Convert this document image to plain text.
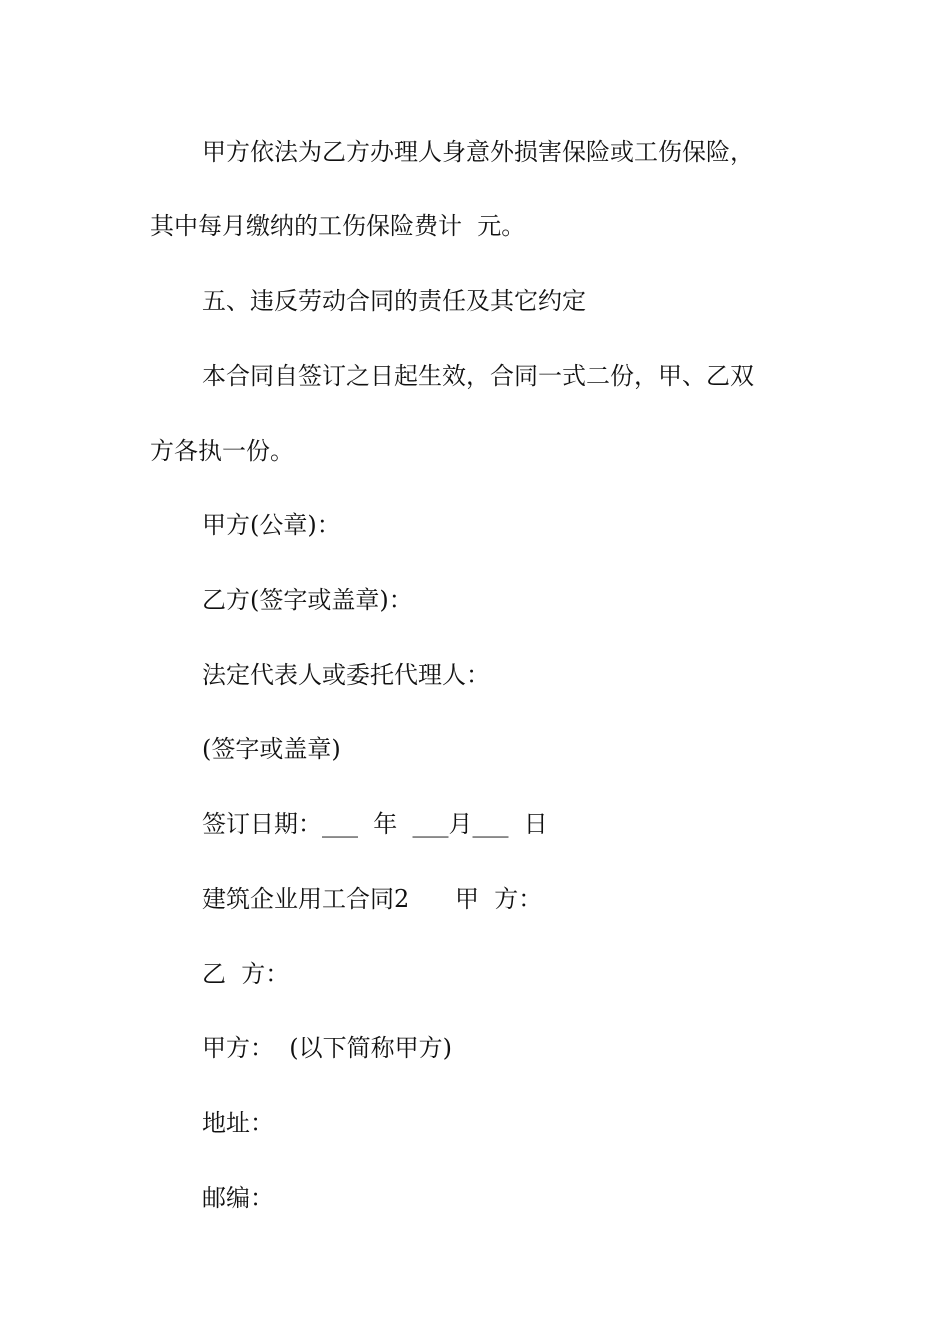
甲方依法为乙方办理人身意外损害保险或工伤保险，
其中每月缴纳的工伤保险费计  元。
五、违反劳动合同的责任及其它约定
本合同自签订之日起生效，合同一式二份，甲、乙双
方各执一份。
甲方(公章)：
乙方(签字或盖章)：
法定代表人或委托代理人：
(签字或盖章)
签订日期：___  年  ___月___  日
建筑企业用工合同2      甲  方：
乙  方：
甲方：  (以下简称甲方)
地址：
邮编：
